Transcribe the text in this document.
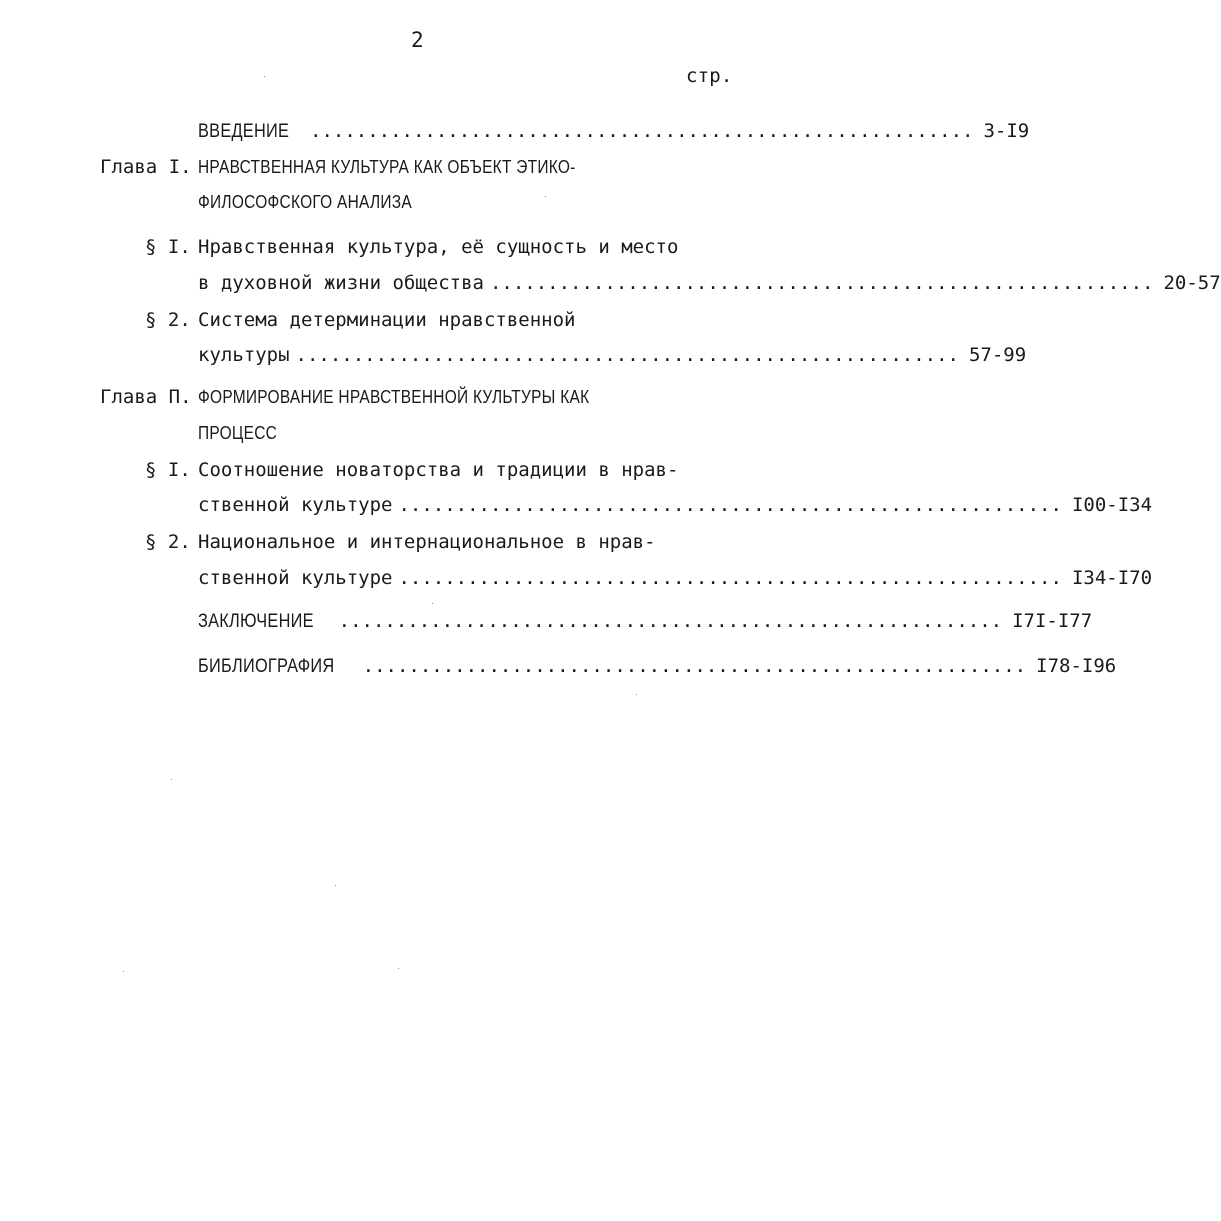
2
стр.
ВВЕДЕНИЕ .......................................................... 3-I9
Глава I. НРАВСТВЕННАЯ КУЛЬТУРА КАК ОБЪЕКТ ЭТИКО-
ФИЛОСОФСКОГО АНАЛИЗА
§ I. Нравственная культура, её сущность и место
в духовной жизни общества .......................................................... 20-57
§ 2. Система детерминации нравственной
культуры .......................................................... 57-99
Глава П. ФОРМИРОВАНИЕ НРАВСТВЕННОЙ КУЛЬТУРЫ КАК
ПРОЦЕСС
§ I. Соотношение новаторства и традиции в нрав-
ственной культуре .......................................................... I00-I34
§ 2. Национальное и интернациональное в нрав-
ственной культуре .......................................................... I34-I70
ЗАКЛЮЧЕНИЕ .......................................................... I7I-I77
БИБЛИОГРАФИЯ .......................................................... I78-I96
